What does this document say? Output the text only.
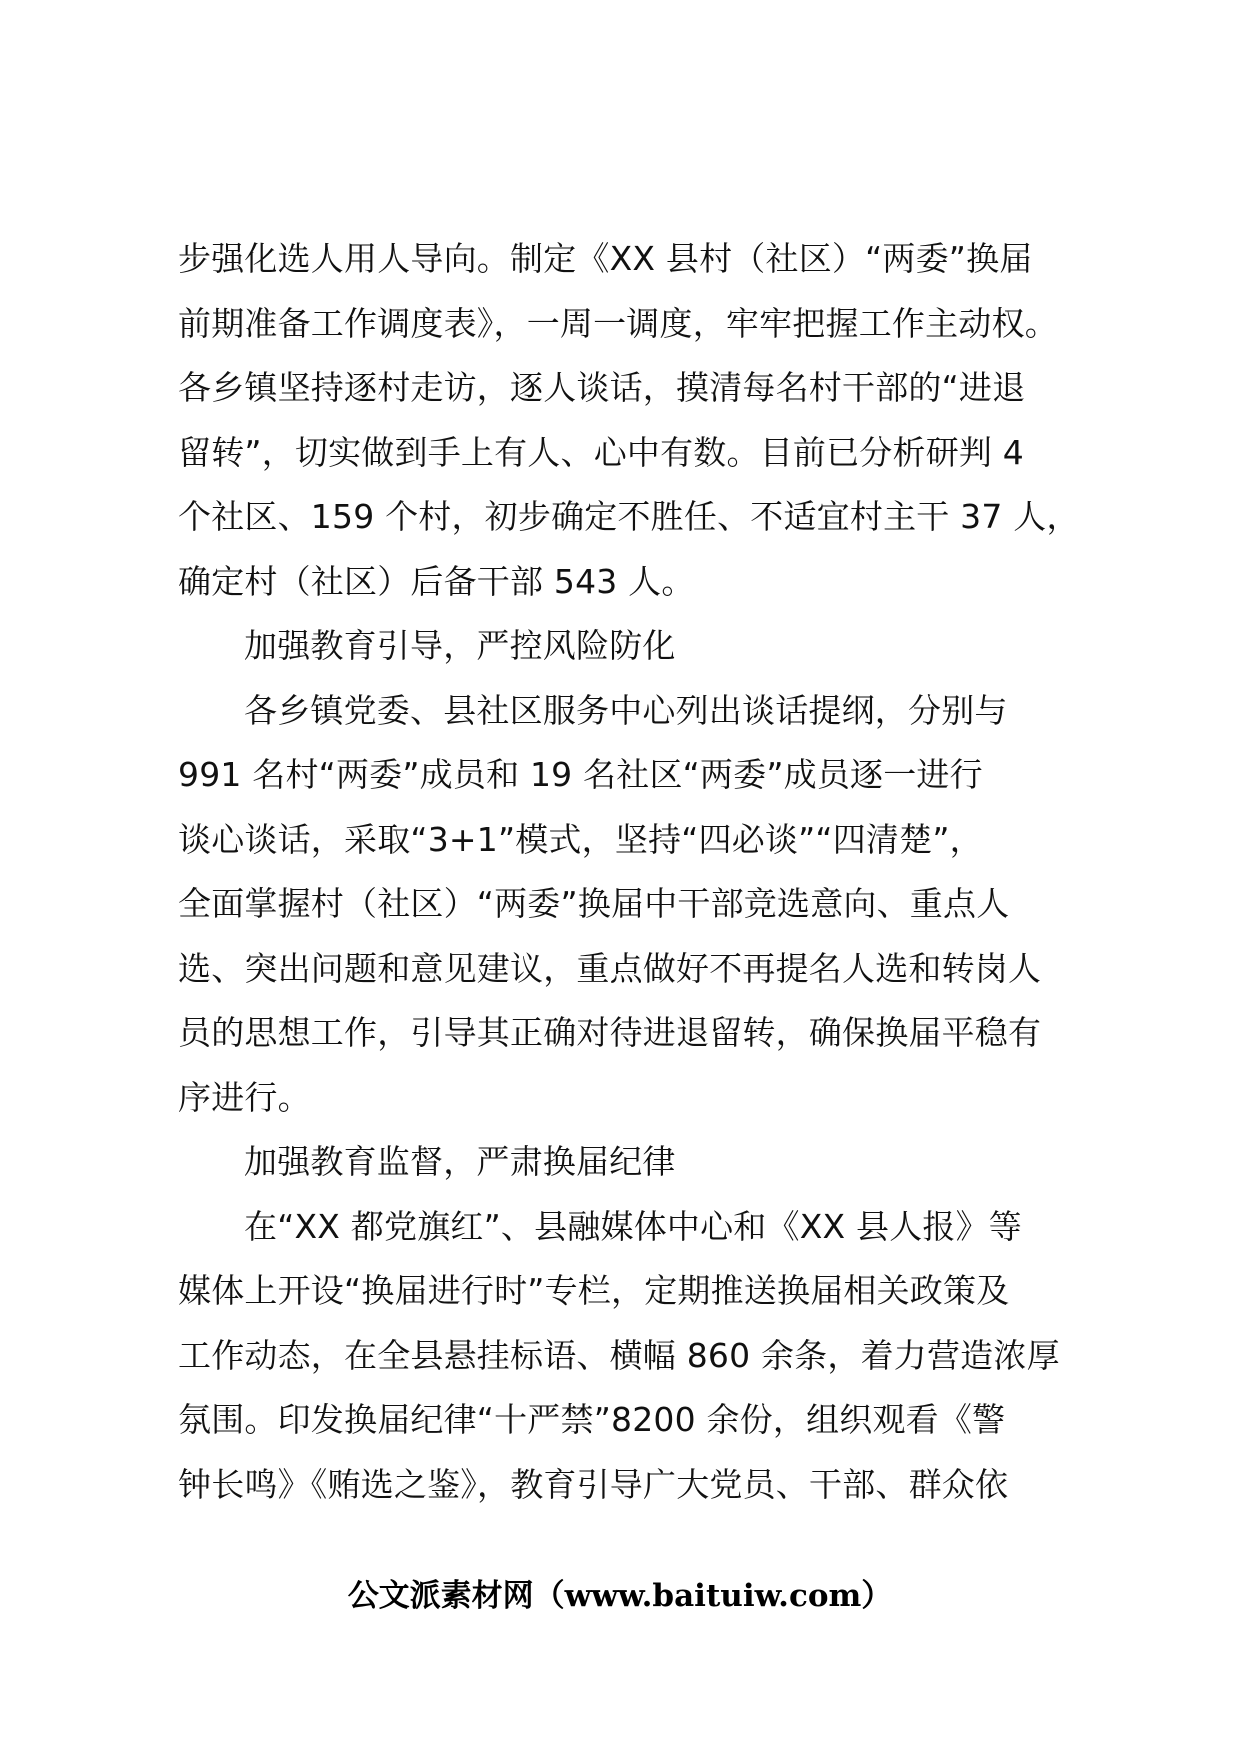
步强化选人用人导向。制定《XX 县村（社区）“两委”换届
前期准备工作调度表》，一周一调度，牢牢把握工作主动权。
各乡镇坚持逐村走访，逐人谈话，摸清每名村干部的“进退
留转”，切实做到手上有人、心中有数。目前已分析研判 4
个社区、159 个村，初步确定不胜任、不适宜村主干 37 人，
确定村（社区）后备干部 543 人。
加强教育引导，严控风险防化
各乡镇党委、县社区服务中心列出谈话提纲，分别与
991 名村“两委”成员和 19 名社区“两委”成员逐一进行
谈心谈话，采取“3+1”模式，坚持“四必谈”“四清楚”，
全面掌握村（社区）“两委”换届中干部竞选意向、重点人
选、突出问题和意见建议，重点做好不再提名人选和转岗人
员的思想工作，引导其正确对待进退留转，确保换届平稳有
序进行。
加强教育监督，严肃换届纪律
在“XX 都党旗红”、县融媒体中心和《XX 县人报》等
媒体上开设“换届进行时”专栏，定期推送换届相关政策及
工作动态，在全县悬挂标语、横幅 860 余条，着力营造浓厚
氛围。印发换届纪律“十严禁”8200 余份，组织观看《警
钟长鸣》《贿选之鉴》，教育引导广大党员、干部、群众依
公文派素材网（www.baituiw.com）
